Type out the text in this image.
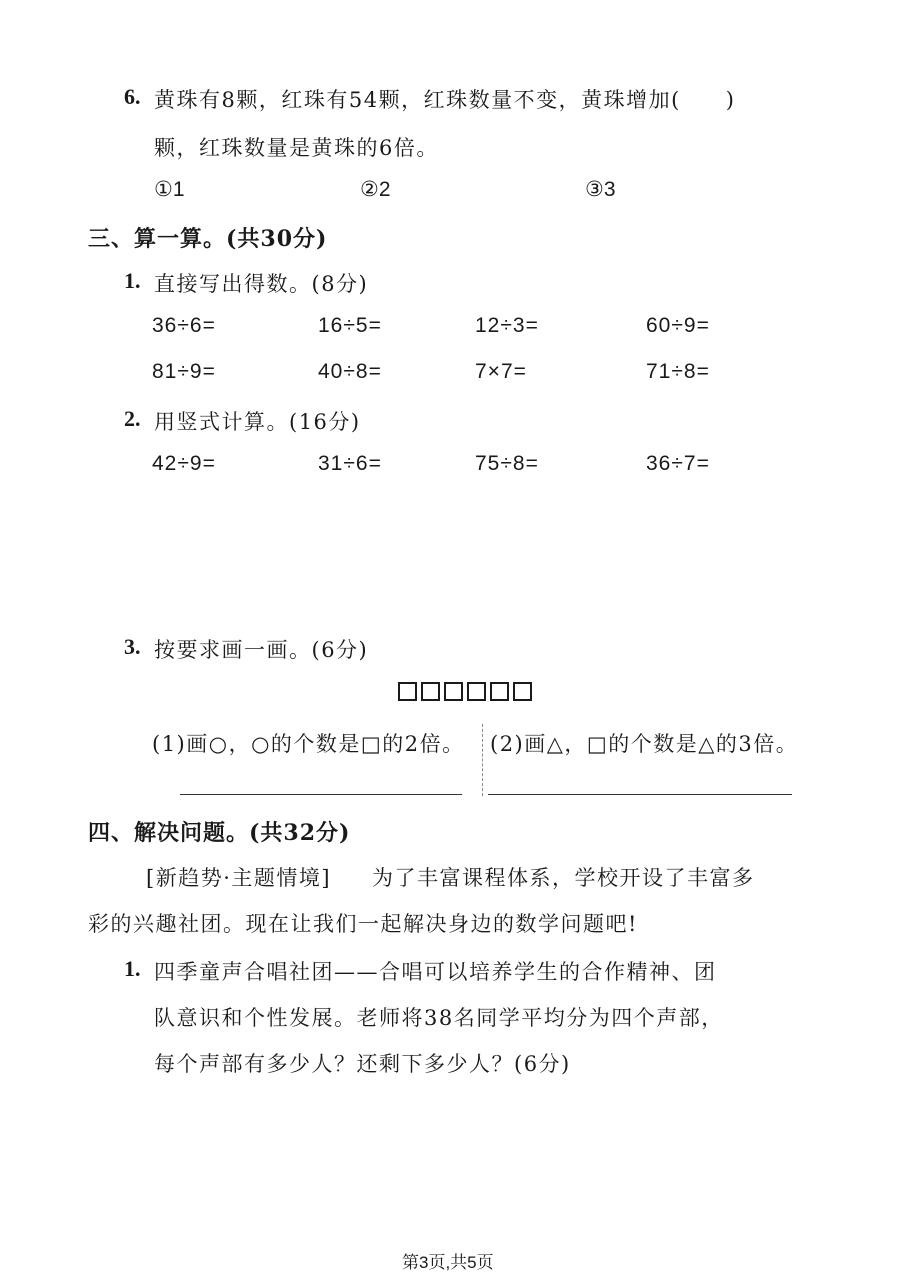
6. 黄珠有8颗，红珠有54颗，红珠数量不变，黄珠增加(　　)
颗，红珠数量是黄珠的6倍。
①1	②2	③3
三、算一算。(共30分)
1. 直接写出得数。(8分)
36÷6=	16÷5=	12÷3=	60÷9=
81÷9=	40÷8=	7×7=	71÷8=
2. 用竖式计算。(16分)
42÷9=	31÷6=	75÷8=	36÷7=
3. 按要求画一画。(6分)
(1)画○，○的个数是□的2倍。 (2)画△，□的个数是△的3倍。
四、解决问题。(共32分)
[新趋势·主题情境] 为了丰富课程体系，学校开设了丰富多
彩的兴趣社团。现在让我们一起解决身边的数学问题吧!
1. 四季童声合唱社团——合唱可以培养学生的合作精神、团
队意识和个性发展。老师将38名同学平均分为四个声部，
每个声部有多少人？还剩下多少人？(6分)
第3页,共5页
